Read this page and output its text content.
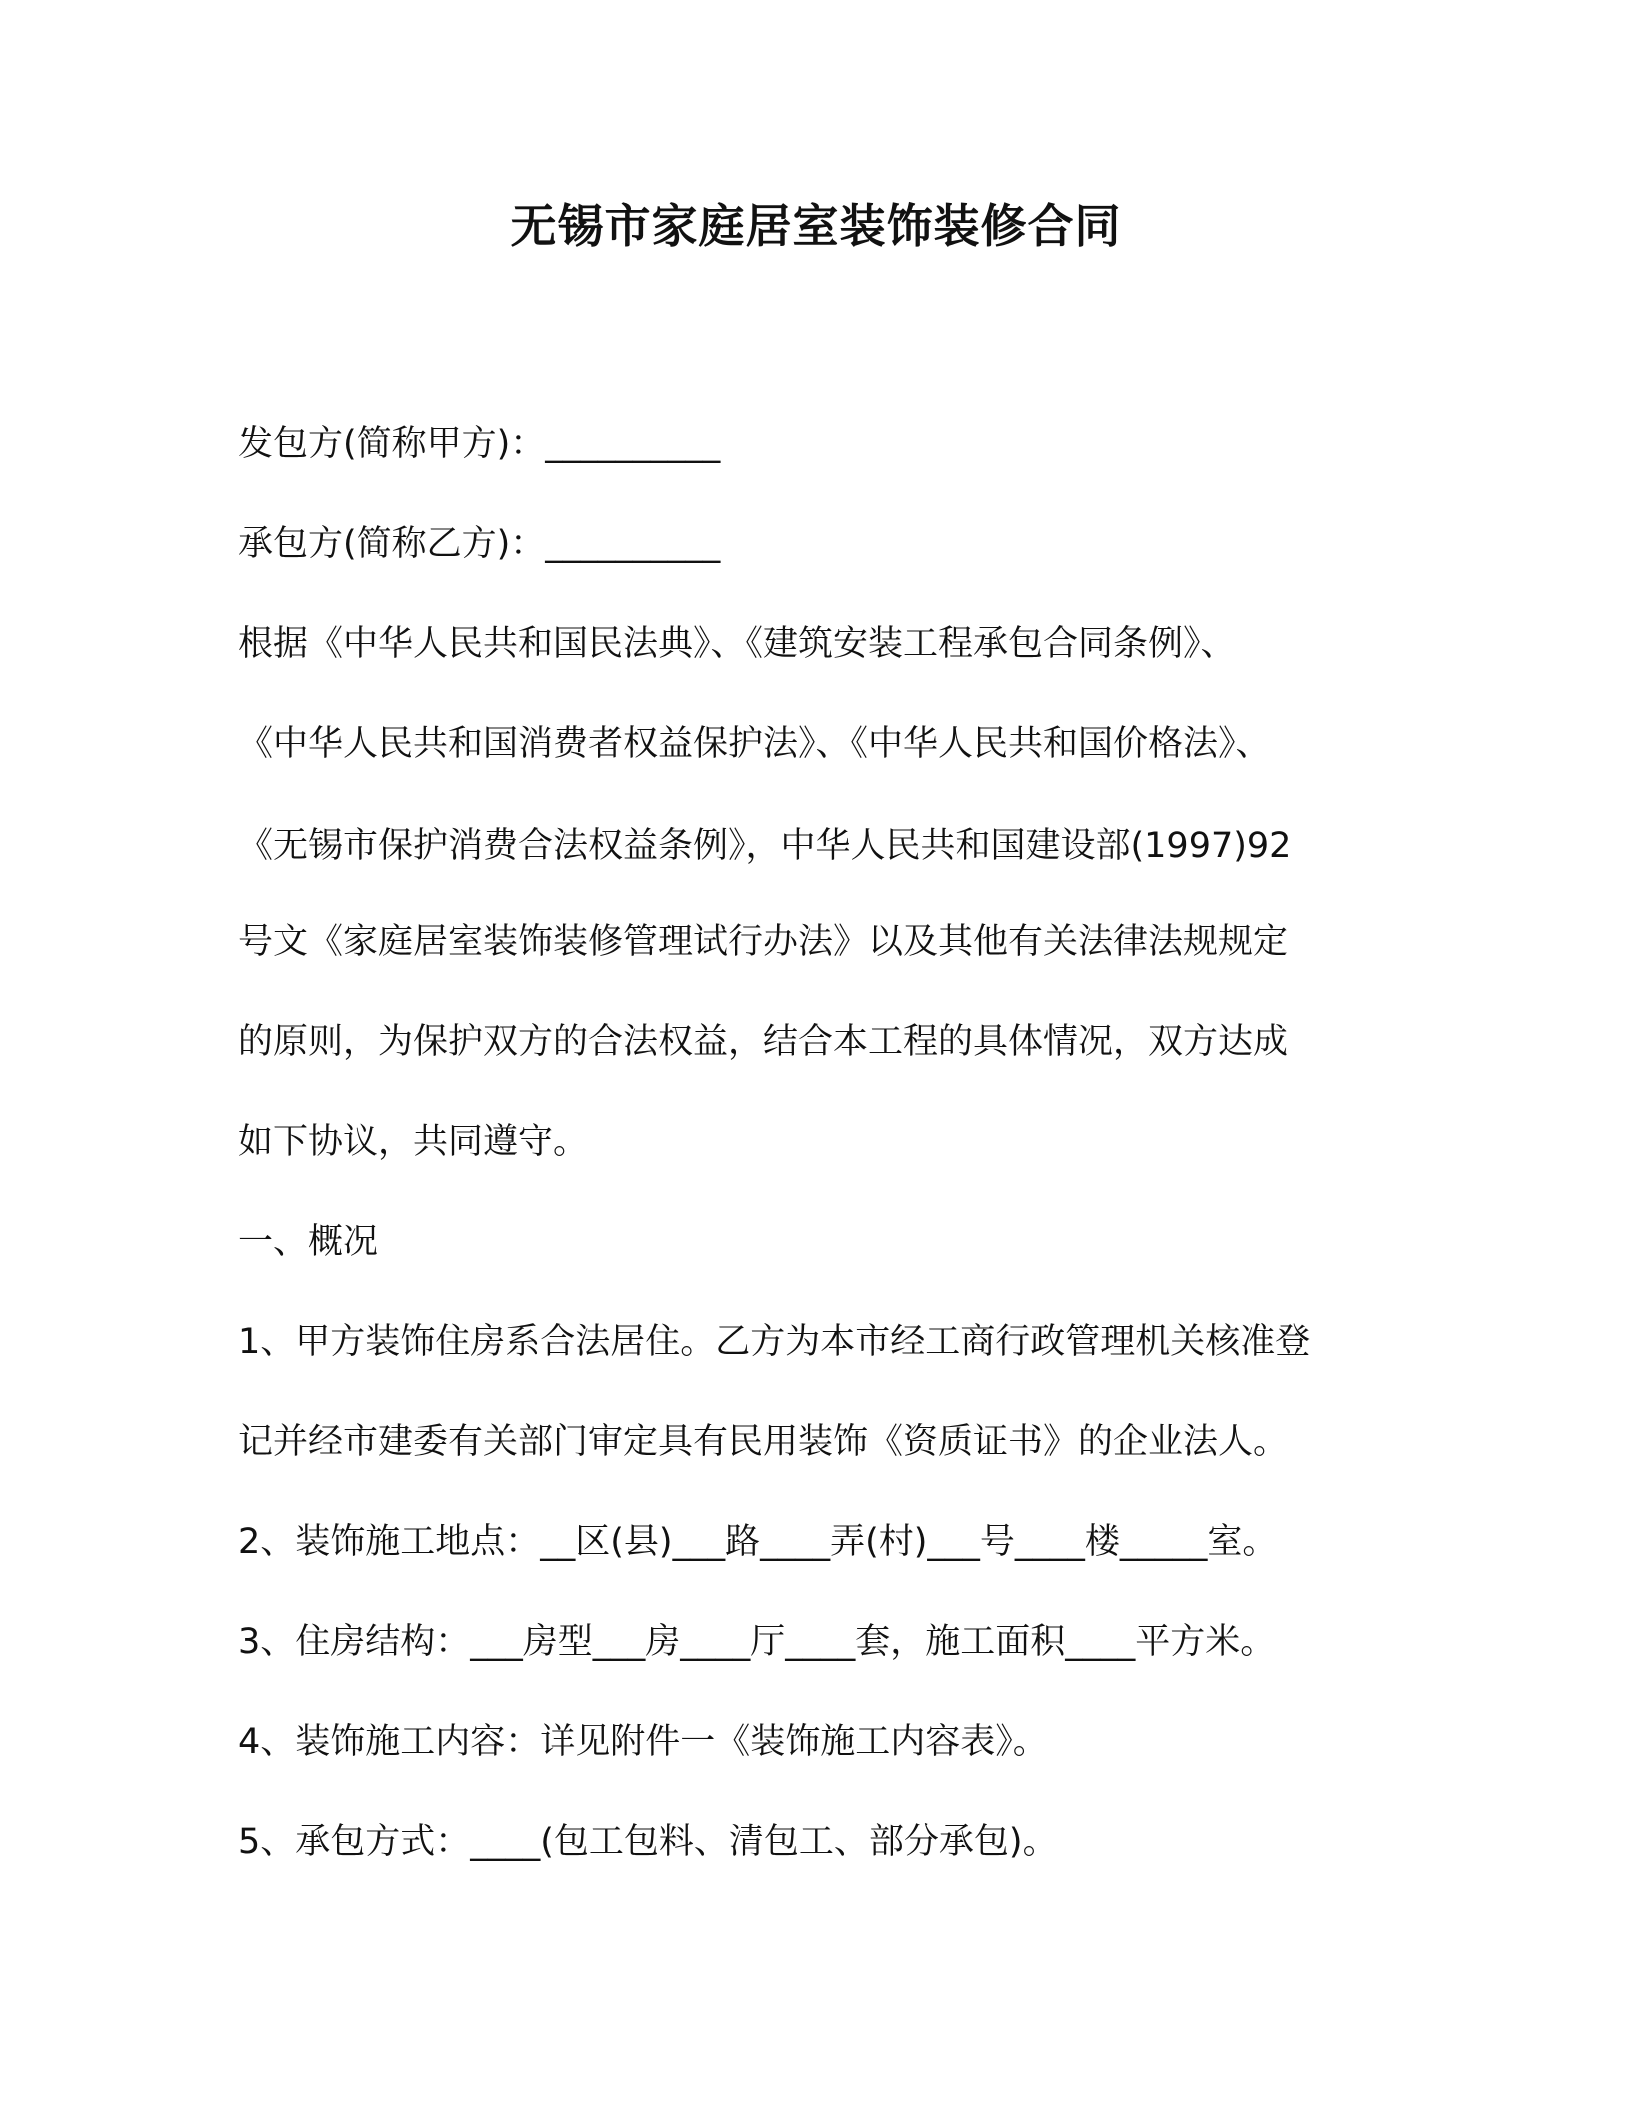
无锡市家庭居室装饰装修合同
发包方(简称甲方)：__________
承包方(简称乙方)：__________
根据《中华人民共和国民法典》、《建筑安装工程承包合同条例》、
《中华人民共和国消费者权益保护法》、《中华人民共和国价格法》、
《无锡市保护消费合法权益条例》，中华人民共和国建设部(1997)92
号文《家庭居室装饰装修管理试行办法》以及其他有关法律法规规定
的原则，为保护双方的合法权益，结合本工程的具体情况，双方达成
如下协议，共同遵守。
一、概况
1、甲方装饰住房系合法居住。乙方为本市经工商行政管理机关核准登
记并经市建委有关部门审定具有民用装饰《资质证书》的企业法人。
2、装饰施工地点：__区(县)___路____弄(村)___号____楼_____室。
3、住房结构：___房型___房____厅____套，施工面积____平方米。
4、装饰施工内容：详见附件一《装饰施工内容表》。
5、承包方式：____(包工包料、清包工、部分承包)。
